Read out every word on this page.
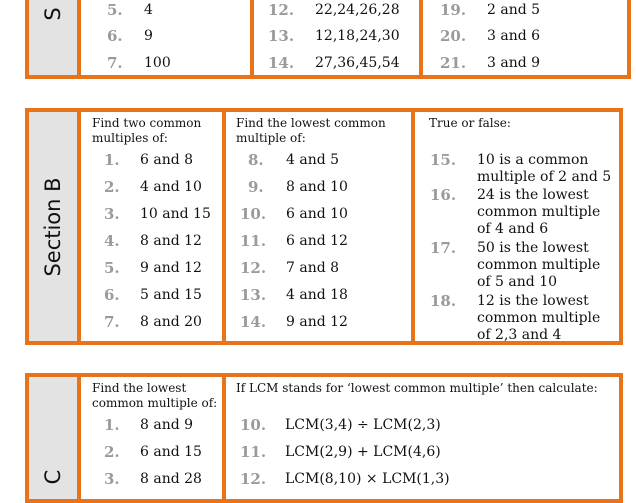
S	5. 4
6. 9
7. 100
12. 22,24,26,28
13. 12,18,24,30
14. 27,36,45,54
19. 2 and 5
20. 3 and 6
21. 3 and 9
Section B
Find two common multiples of:
1. 6 and 8
2. 4 and 10
3. 10 and 15
4. 8 and 12
5. 9 and 12
6. 5 and 15
7. 8 and 20
Find the lowest common multiple of:
8. 4 and 5
9. 8 and 10
10. 6 and 10
11. 6 and 12
12. 7 and 8
13. 4 and 18
14. 9 and 12
True or false:
15. 10 is a common multiple of 2 and 5
16. 24 is the lowest common multiple of 4 and 6
17. 50 is the lowest common multiple of 5 and 10
18. 12 is the lowest common multiple of 2,3 and 4
C
Find the lowest common multiple of:
1. 8 and 9
2. 6 and 15
3. 8 and 28
If LCM stands for ‘lowest common multiple’ then calculate:
10. LCM(3,4) ÷ LCM(2,3)
11. LCM(2,9) + LCM(4,6)
12. LCM(8,10) × LCM(1,3)
